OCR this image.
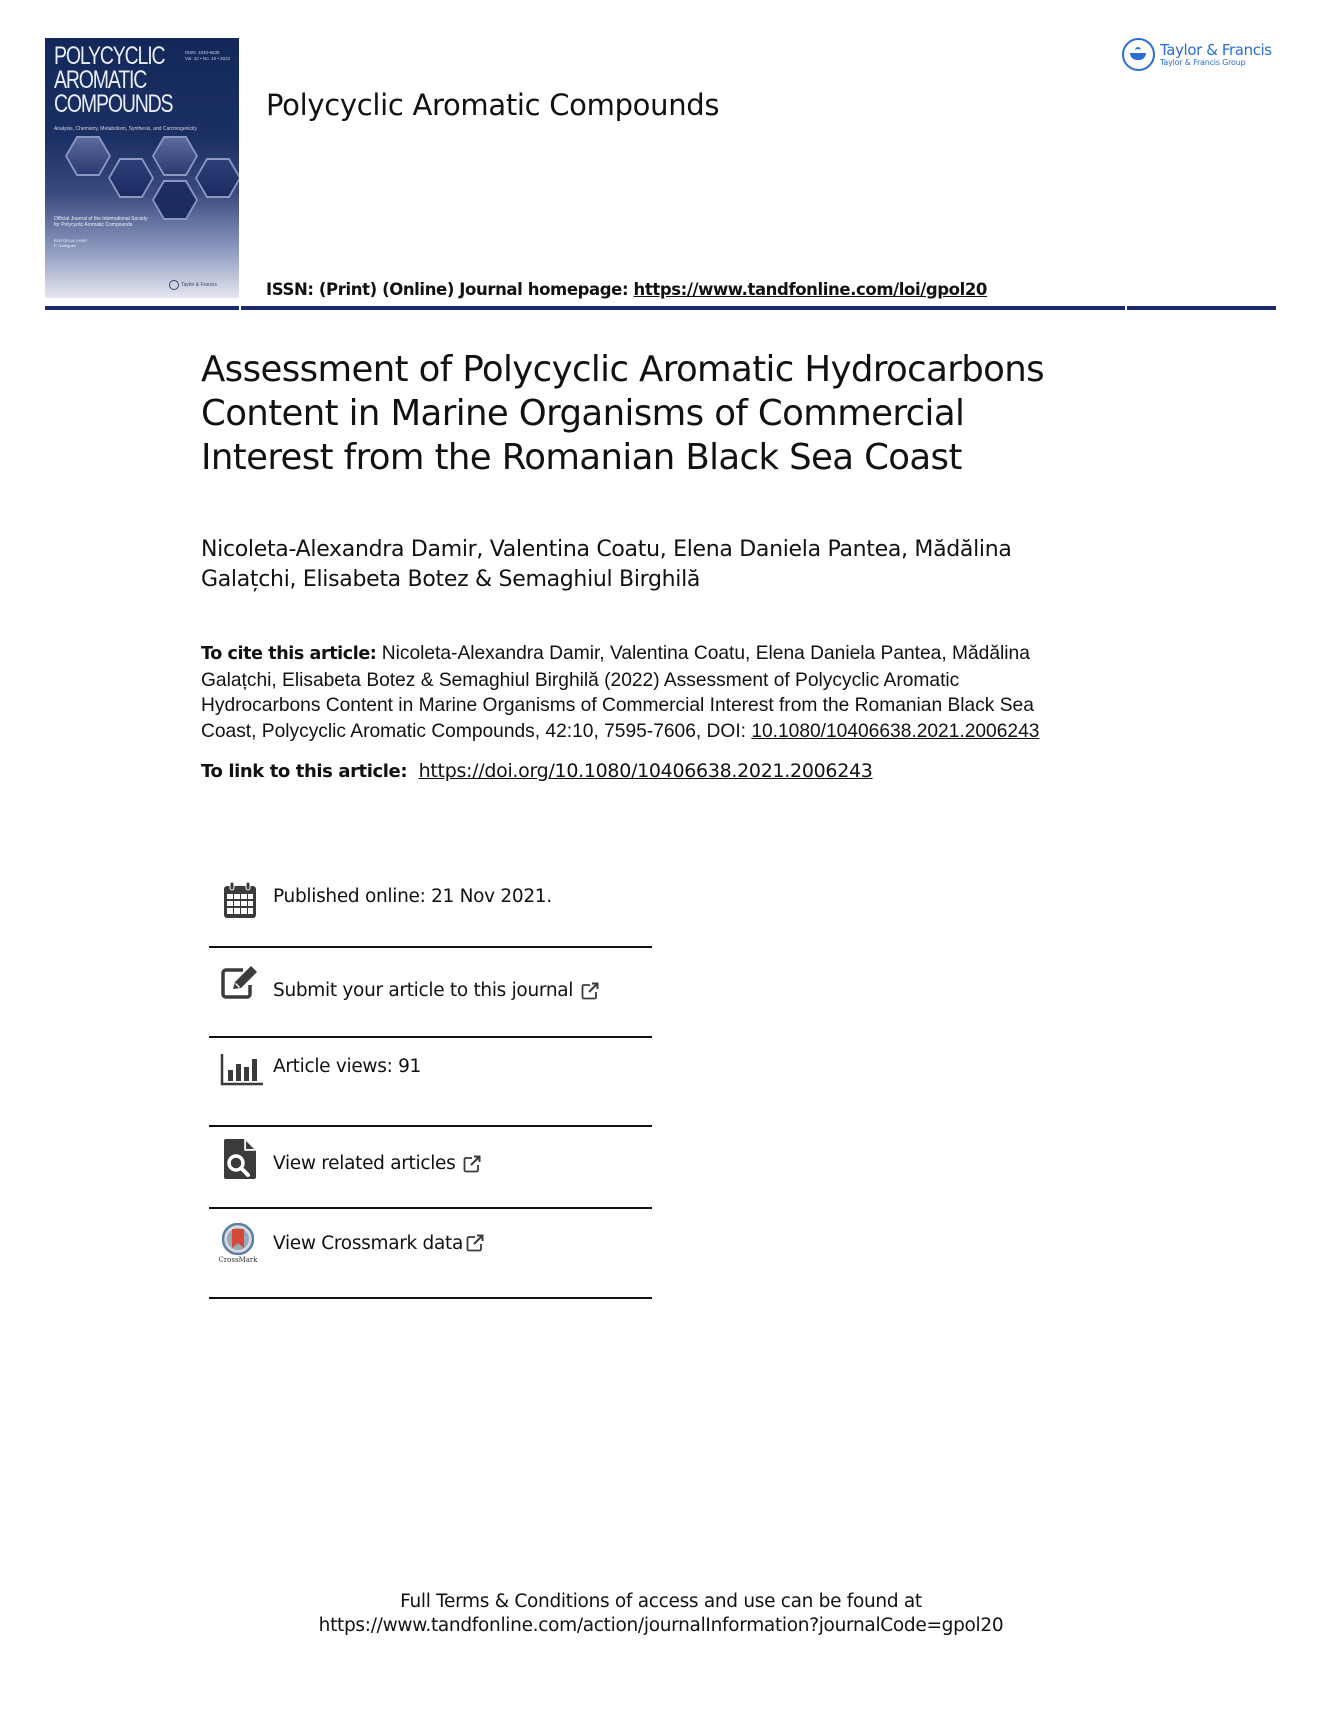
POLYCYCLIC
AROMATIC
COMPOUNDS
ISSN: 1040-6638
Vol. 42 • No. 10 • 2022
Analysis, Chemistry, Metabolism, Synthesis, and Carcinogenicity
Official Journal of the International Society for Polycyclic Aromatic Compounds
EDITOR-IN-CHIEF
P. Garrigues
Taylor & Francis
Polycyclic Aromatic Compounds
ISSN: (Print) (Online) Journal homepage: https://www.tandfonline.com/loi/gpol20
Taylor & Francis
Taylor & Francis Group
Assessment of Polycyclic Aromatic Hydrocarbons
Content in Marine Organisms of Commercial
Interest from the Romanian Black Sea Coast
Nicoleta-Alexandra Damir, Valentina Coatu, Elena Daniela Pantea, Mădălina
Galațchi, Elisabeta Botez & Semaghiul Birghilă
To cite this article: Nicoleta-Alexandra Damir, Valentina Coatu, Elena Daniela Pantea, Mădălina
Galațchi, Elisabeta Botez & Semaghiul Birghilă (2022) Assessment of Polycyclic Aromatic
Hydrocarbons Content in Marine Organisms of Commercial Interest from the Romanian Black Sea
Coast, Polycyclic Aromatic Compounds, 42:10, 7595-7606, DOI: 10.1080/10406638.2021.2006243
To link to this article: https://doi.org/10.1080/10406638.2021.2006243
Published online: 21 Nov 2021.
Submit your article to this journal
Article views: 91
View related articles
CrossMark
View Crossmark data
Full Terms & Conditions of access and use can be found at
https://www.tandfonline.com/action/journalInformation?journalCode=gpol20
